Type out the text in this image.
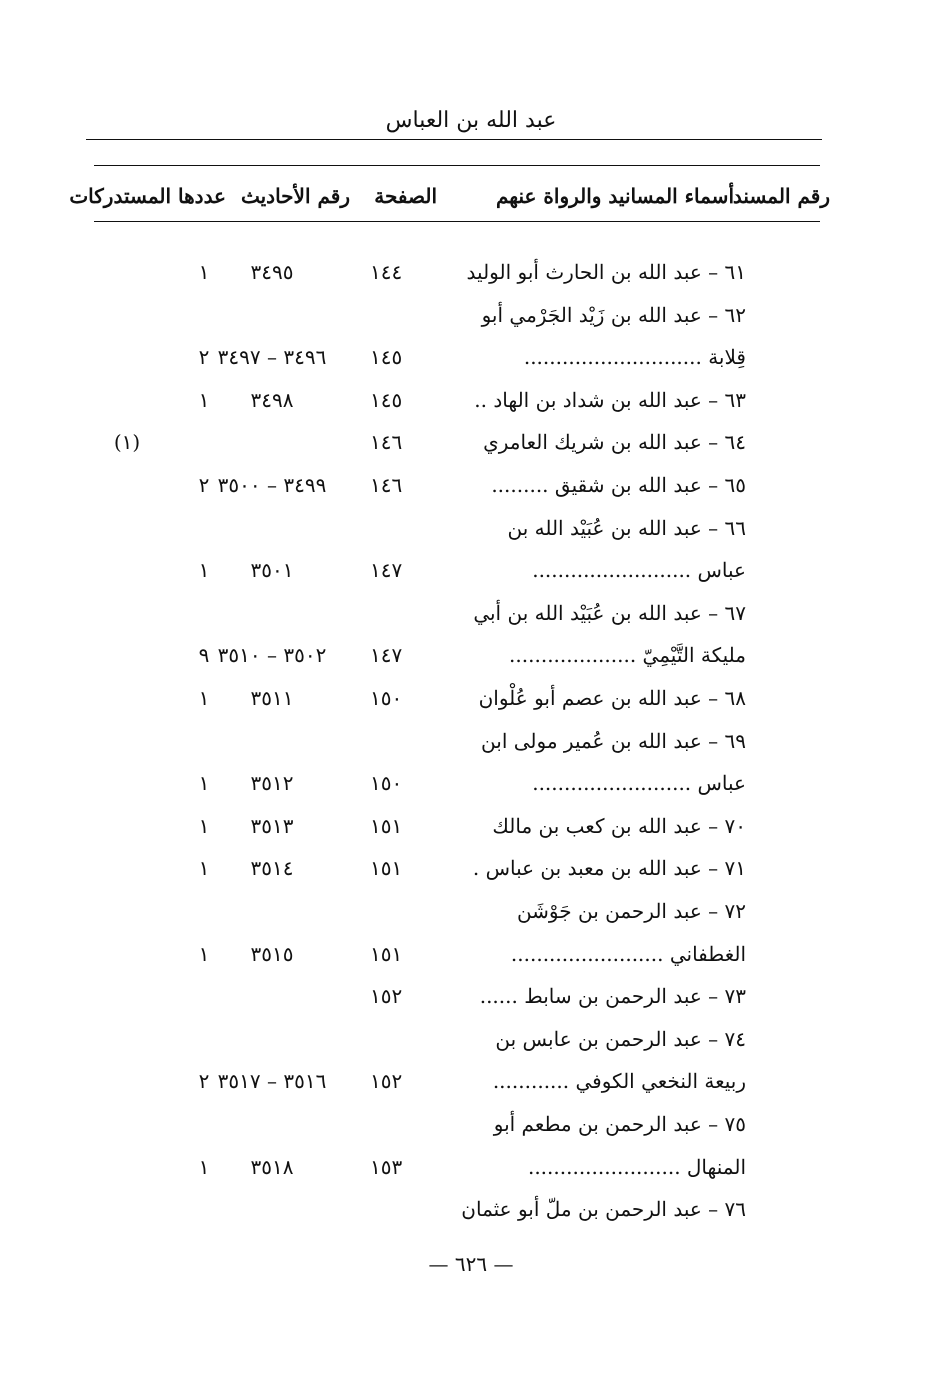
عبد الله بن العباس
رقم المسند
أسماء المسانيد والرواة عنهم
الصفحة
رقم الأحاديث
عددها المستدركات
٦١ – عبد الله بن الحارث أبو الوليد
١٤٤
٣٤٩٥
١
٦٢ – عبد الله بن زَيْد الجَرْمي أبو
قِلابة ............................
١٤٥
٣٤٩٦ – ٣٤٩٧
٢
٦٣ – عبد الله بن شداد بن الهاد ..
١٤٥
٣٤٩٨
١
٦٤ – عبد الله بن شريك العامري
١٤٦
(١)
٦٥ – عبد الله بن شقيق .........
١٤٦
٣٤٩٩ – ٣٥٠٠
٢
٦٦ – عبد الله بن عُبَيْد الله بن
عباس .........................
١٤٧
٣٥٠١
١
٦٧ – عبد الله بن عُبَيْد الله بن أبي
مليكة التَّيْمِيّ ....................
١٤٧
٣٥٠٢ – ٣٥١٠
٩
٦٨ – عبد الله بن عصم أبو عُلْوان
١٥٠
٣٥١١
١
٦٩ – عبد الله بن عُمير مولى ابن
عباس .........................
١٥٠
٣٥١٢
١
٧٠ – عبد الله بن كعب بن مالك
١٥١
٣٥١٣
١
٧١ – عبد الله بن معبد بن عباس .
١٥١
٣٥١٤
١
٧٢ – عبد الرحمن بن جَوْشَن
الغطفاني ........................
١٥١
٣٥١٥
١
٧٣ – عبد الرحمن بن سابط ......
١٥٢
٧٤ – عبد الرحمن بن عابس بن
ربيعة النخعي الكوفي ............
١٥٢
٣٥١٦ – ٣٥١٧
٢
٧٥ – عبد الرحمن بن مطعم أبو
المنهال ........................
١٥٣
٣٥١٨
١
٧٦ – عبد الرحمن بن ملّ أبو عثمان
— ٦٢٦ —
